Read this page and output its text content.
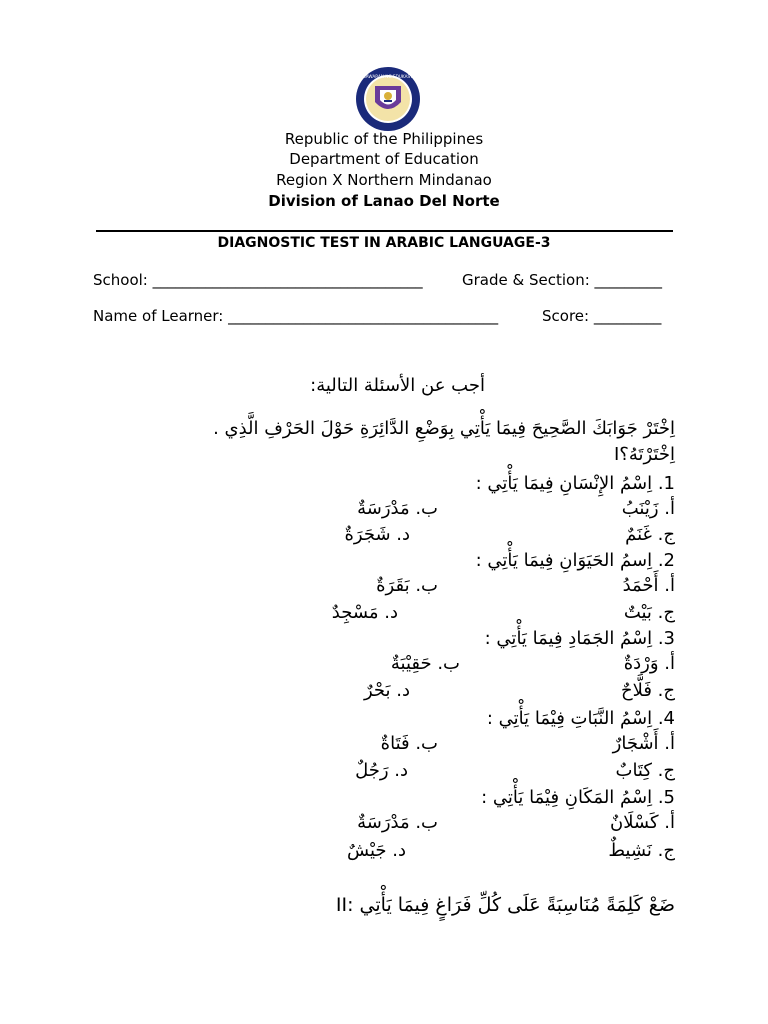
KAGAWARAN NG EDUKASYON
Republic of the Philippines
Department of Education
Region X Northern Mindanao
Division of Lanao Del Norte
DIAGNOSTIC TEST IN ARABIC LANGUAGE-3
School: ____________________________________	Grade & Section: _________
Name of Learner: ____________________________________	Score: _________
أجب عن الأسئلة التالية:
اِخْتَرْ جَوَابَكَ الصَّحِيحَ فِيمَا يَأْتِي بِوَضْعِ الدَّائِرَةِ حَوْلَ الحَرْفِ الَّذِي .
Iاِخْتَرْتَهُ؟
1. اِسْمُ الإِنْسَانِ فِيمَا يَأْتِي :
أ. زَيْنَبُ
ب. مَدْرَسَةٌ
ج. غَنَمٌ
د. شَجَرَةٌ
2. اِسمُ الحَيَوَانِ فِيمَا يَأْتِي :
أ. أَحْمَدُ
ب. بَقَرَةٌ
ج. بَيْتٌ
د. مَسْجِدٌ
3. اِسْمُ الجَمَادِ فِيمَا يَأْتِي :
أ. وَرْدَةٌ
ب. حَقِيْبَةٌ
ج. فَلَّاحٌ
د. بَحْرٌ
4. اِسْمُ النَّبَاتِ فِيْمَا يَأْتِي :
أ. أَشْجَارٌ
ب. فَتَاةٌ
ج. كِتَابٌ
د. رَجُلٌ
5. اِسْمُ المَكَانِ فِيْمَا يَأْتِي :
أ. كَسْلَانٌ
ب. مَدْرَسَةٌ
ج. نَشِيطٌ
د. جَيْشٌ
II: ضَعْ كَلِمَةً مُنَاسِبَةً عَلَى كُلِّ فَرَاغٍ فِيمَا يَأْتِي
